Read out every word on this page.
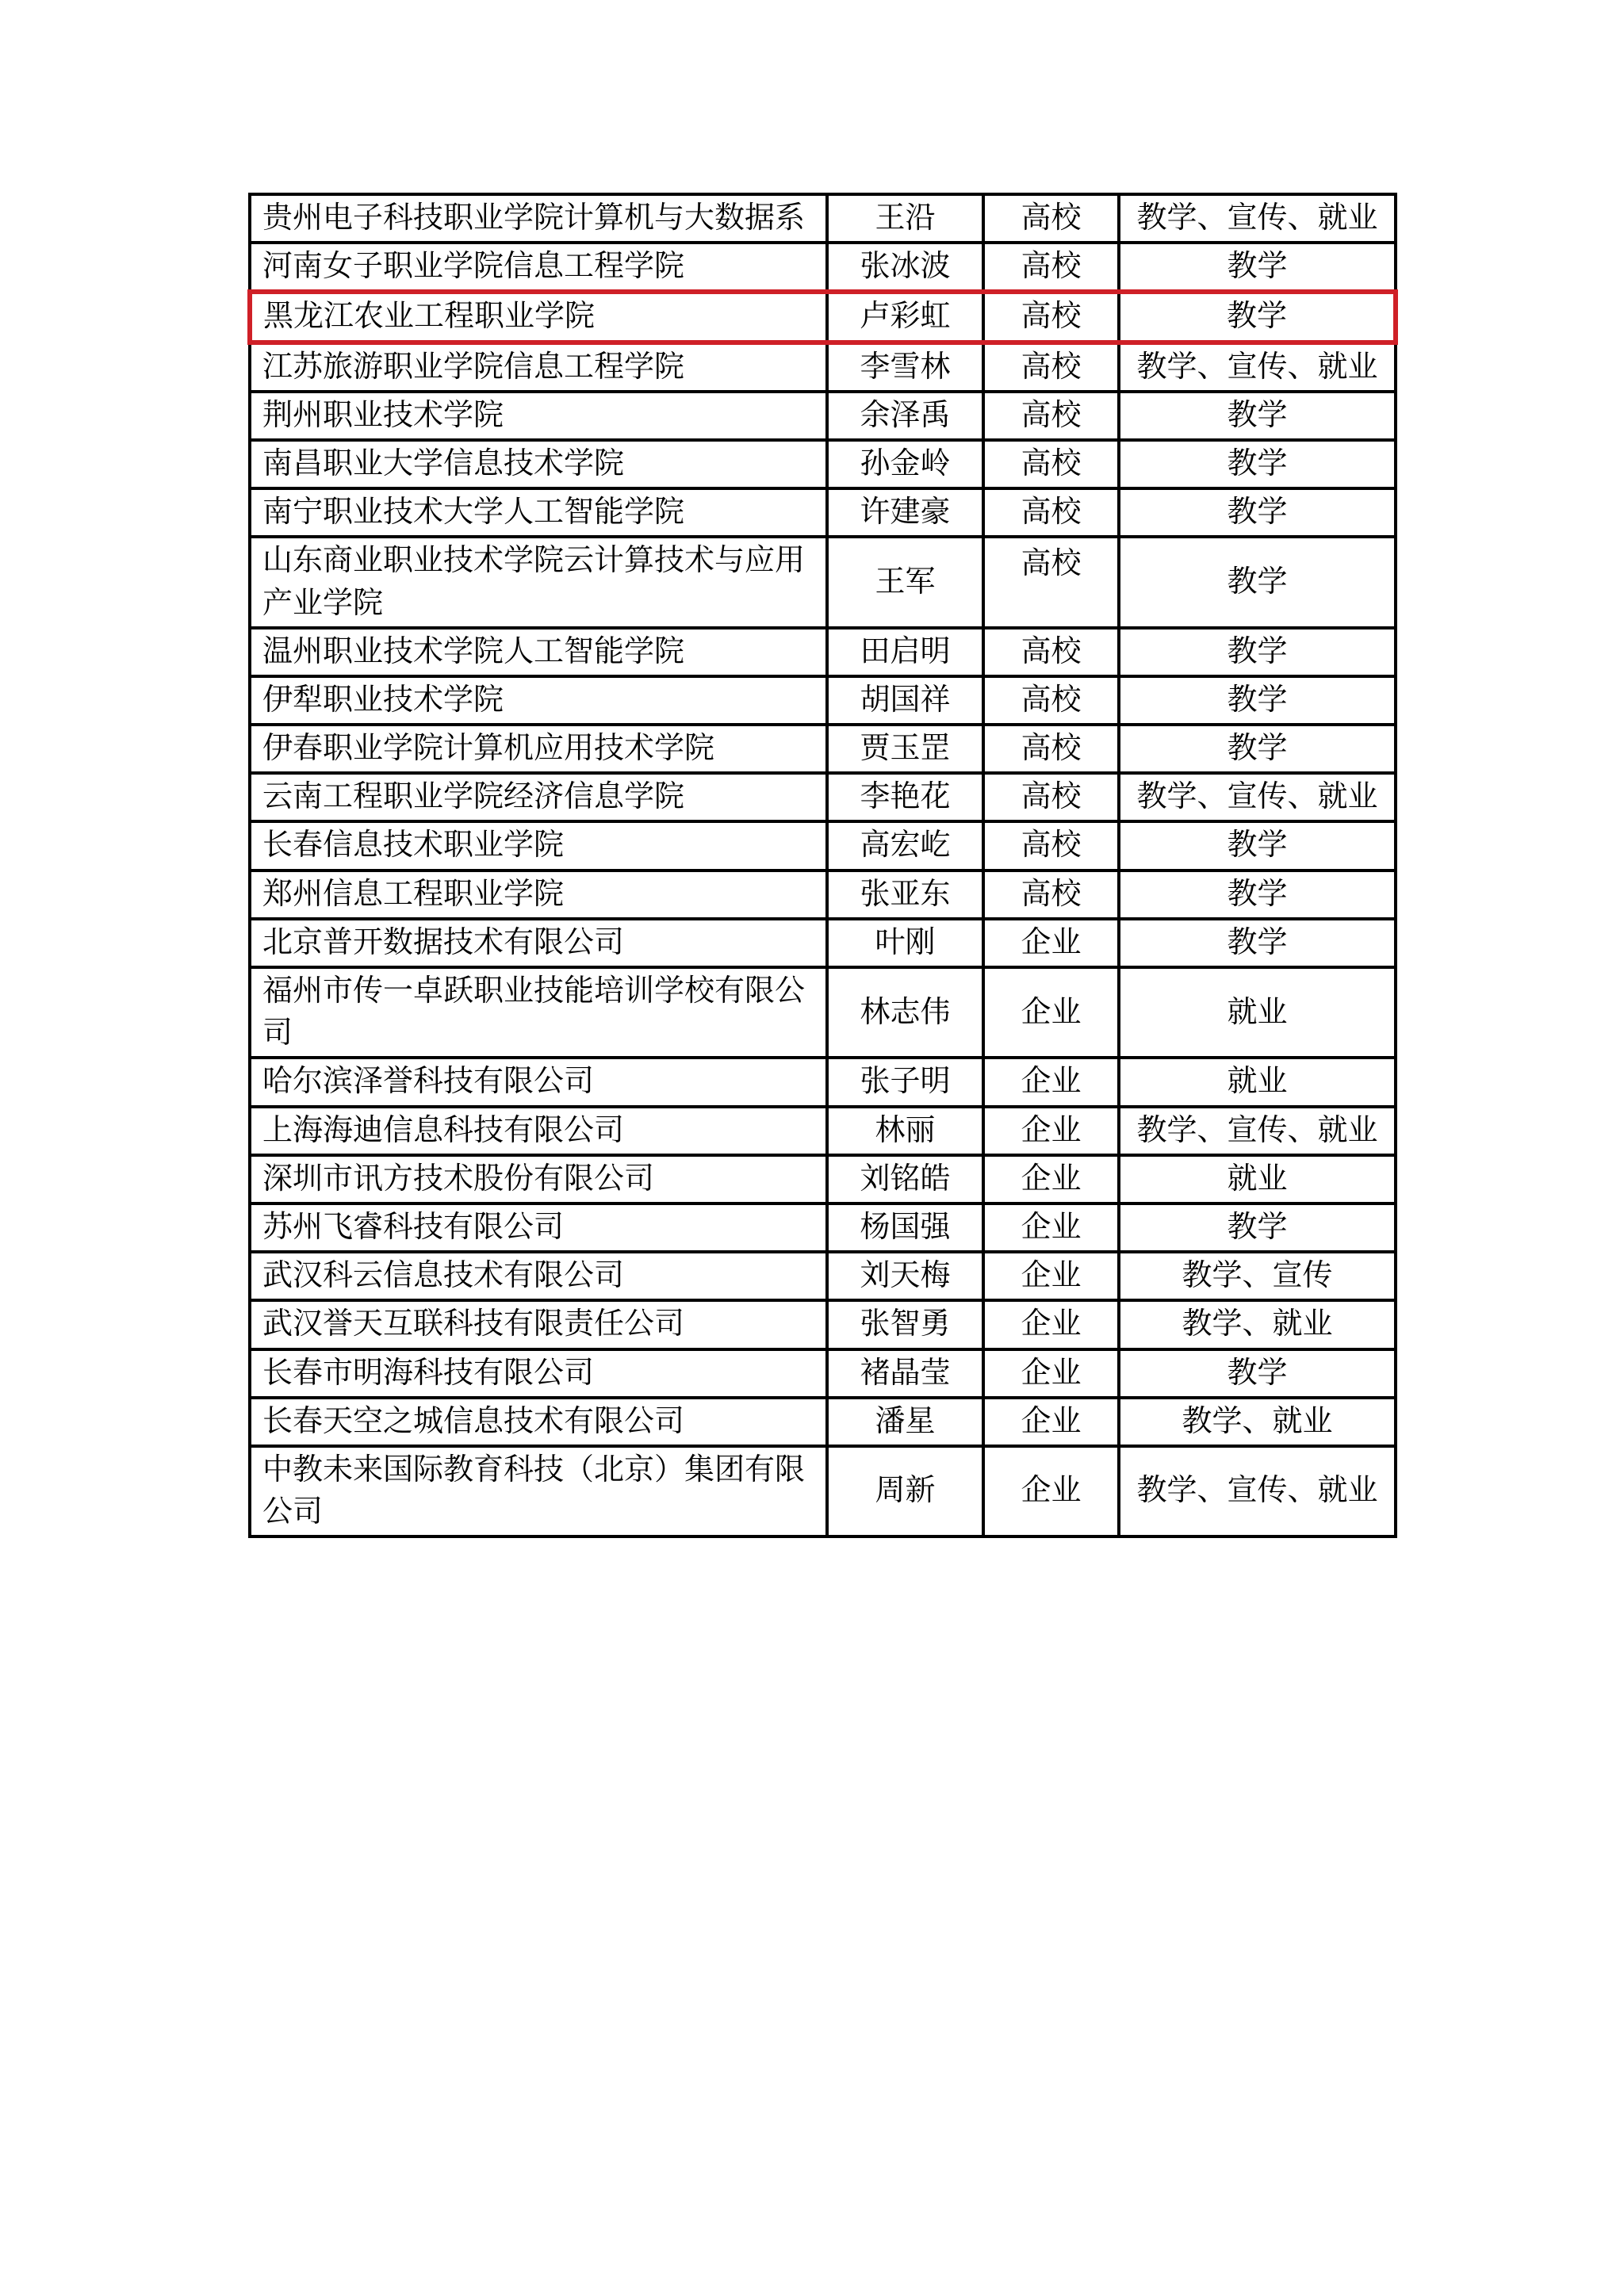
贵州电子科技职业学院计算机与大数据系	王沿	高校	教学、宣传、就业
河南女子职业学院信息工程学院	张冰波	高校	教学
黑龙江农业工程职业学院	卢彩虹	高校	教学
江苏旅游职业学院信息工程学院	李雪林	高校	教学、宣传、就业
荆州职业技术学院	余泽禹	高校	教学
南昌职业大学信息技术学院	孙金岭	高校	教学
南宁职业技术大学人工智能学院	许建豪	高校	教学
山东商业职业技术学院云计算技术与应用产业学院	王军	高校	教学
温州职业技术学院人工智能学院	田启明	高校	教学
伊犁职业技术学院	胡国祥	高校	教学
伊春职业学院计算机应用技术学院	贾玉罡	高校	教学
云南工程职业学院经济信息学院	李艳花	高校	教学、宣传、就业
长春信息技术职业学院	高宏屹	高校	教学
郑州信息工程职业学院	张亚东	高校	教学
北京普开数据技术有限公司	叶刚	企业	教学
福州市传一卓跃职业技能培训学校有限公司	林志伟	企业	就业
哈尔滨泽誉科技有限公司	张子明	企业	就业
上海海迪信息科技有限公司	林丽	企业	教学、宣传、就业
深圳市讯方技术股份有限公司	刘铭皓	企业	就业
苏州飞睿科技有限公司	杨国强	企业	教学
武汉科云信息技术有限公司	刘天梅	企业	教学、宣传
武汉誉天互联科技有限责任公司	张智勇	企业	教学、就业
长春市明海科技有限公司	褚晶莹	企业	教学
长春天空之城信息技术有限公司	潘星	企业	教学、就业
中教未来国际教育科技（北京）集团有限公司	周新	企业	教学、宣传、就业
